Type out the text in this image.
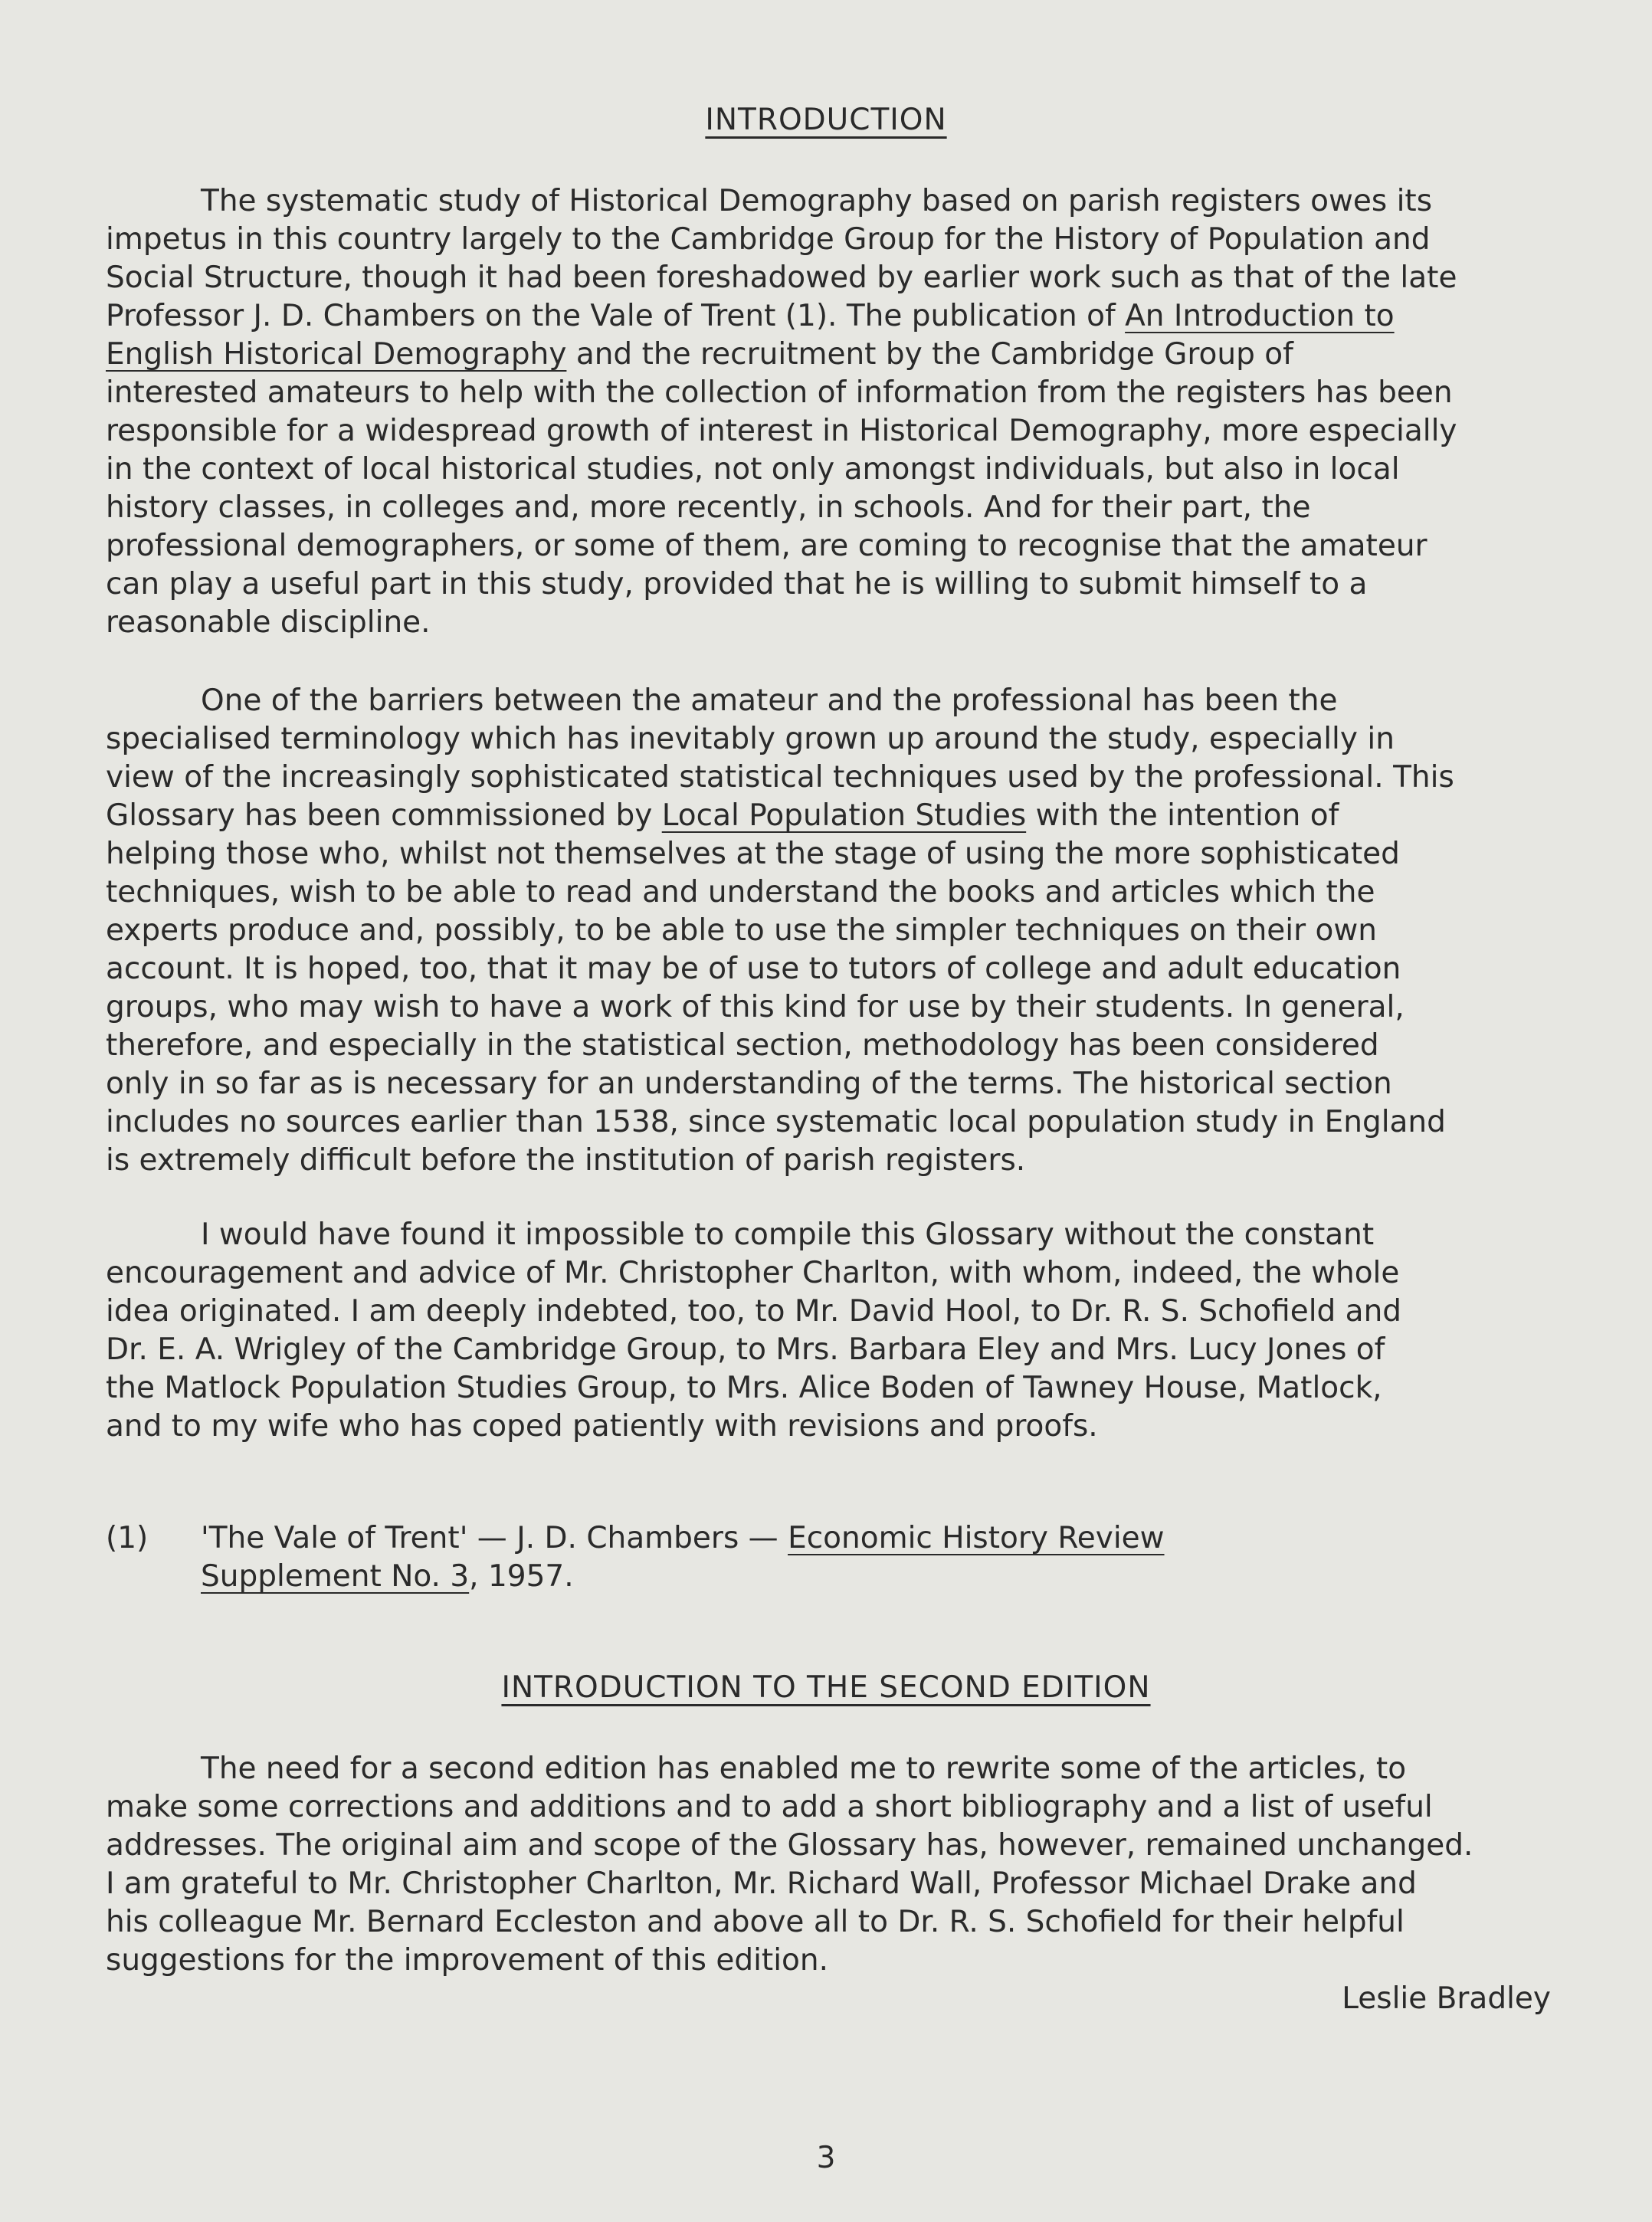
INTRODUCTION
The systematic study of Historical Demography based on parish registers owes its
impetus in this country largely to the Cambridge Group for the History of Population and
Social Structure, though it had been foreshadowed by earlier work such as that of the late
Professor J. D. Chambers on the Vale of Trent (1). The publication of An Introduction to
English Historical Demography and the recruitment by the Cambridge Group of
interested amateurs to help with the collection of information from the registers has been
responsible for a widespread growth of interest in Historical Demography, more especially
in the context of local historical studies, not only amongst individuals, but also in local
history classes, in colleges and, more recently, in schools. And for their part, the
professional demographers, or some of them, are coming to recognise that the amateur
can play a useful part in this study, provided that he is willing to submit himself to a
reasonable discipline.
One of the barriers between the amateur and the professional has been the
specialised terminology which has inevitably grown up around the study, especially in
view of the increasingly sophisticated statistical techniques used by the professional. This
Glossary has been commissioned by Local Population Studies with the intention of
helping those who, whilst not themselves at the stage of using the more sophisticated
techniques, wish to be able to read and understand the books and articles which the
experts produce and, possibly, to be able to use the simpler techniques on their own
account. It is hoped, too, that it may be of use to tutors of college and adult education
groups, who may wish to have a work of this kind for use by their students. In general,
therefore, and especially in the statistical section, methodology has been considered
only in so far as is necessary for an understanding of the terms. The historical section
includes no sources earlier than 1538, since systematic local population study in England
is extremely difficult before the institution of parish registers.
I would have found it impossible to compile this Glossary without the constant
encouragement and advice of Mr. Christopher Charlton, with whom, indeed, the whole
idea originated. I am deeply indebted, too, to Mr. David Hool, to Dr. R. S. Schofield and
Dr. E. A. Wrigley of the Cambridge Group, to Mrs. Barbara Eley and Mrs. Lucy Jones of
the Matlock Population Studies Group, to Mrs. Alice Boden of Tawney House, Matlock,
and to my wife who has coped patiently with revisions and proofs.
(1) 'The Vale of Trent' — J. D. Chambers — Economic History Review
Supplement No. 3, 1957.
INTRODUCTION TO THE SECOND EDITION
The need for a second edition has enabled me to rewrite some of the articles, to
make some corrections and additions and to add a short bibliography and a list of useful
addresses. The original aim and scope of the Glossary has, however, remained unchanged.
I am grateful to Mr. Christopher Charlton, Mr. Richard Wall, Professor Michael Drake and
his colleague Mr. Bernard Eccleston and above all to Dr. R. S. Schofield for their helpful
suggestions for the improvement of this edition.
Leslie Bradley
3
